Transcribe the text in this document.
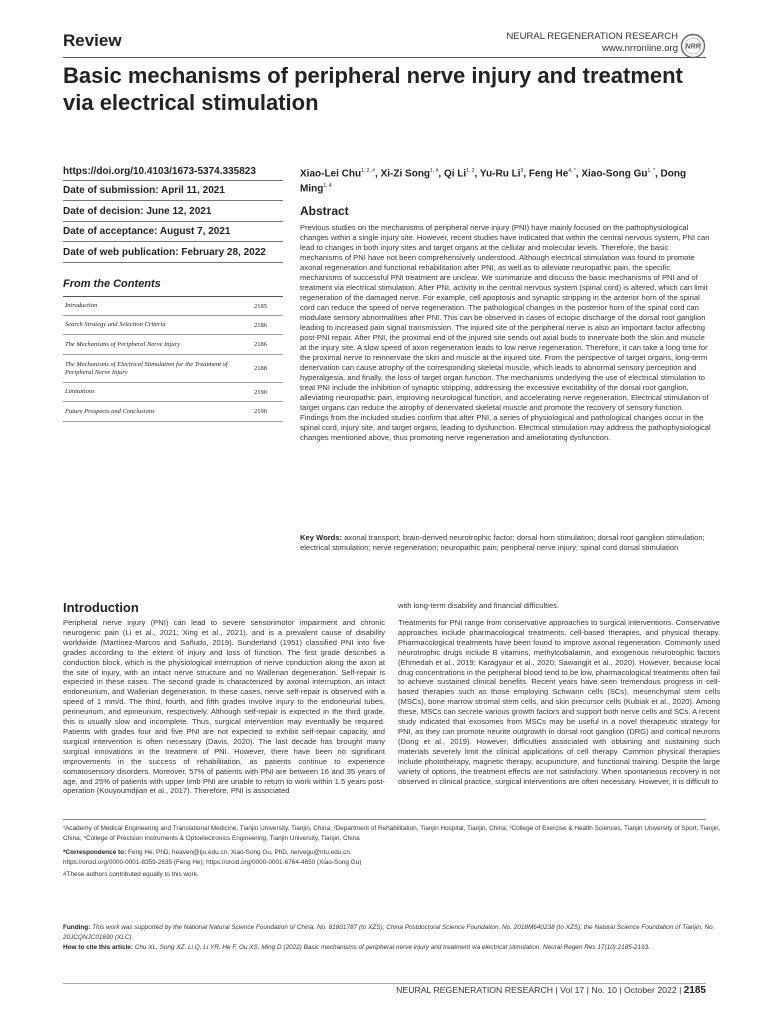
Review	NEURAL REGENERATION RESEARCH
www.nrronline.org NRR
Basic mechanisms of peripheral nerve injury and treatment via electrical stimulation
https://doi.org/10.4103/1673-5374.335823
Date of submission: April 11, 2021
Date of decision: June 12, 2021
Date of acceptance: August 7, 2021
Date of web publication: February 28, 2022
From the Contents
Introduction	2185
Search Strategy and Selection Criteria	2186
The Mechanisms of Peripheral Nerve Injury	2186
The Mechanisms of Electrical Stimulation for the Treatment of Peripheral Nerve Injury	2188
Limitations	2190
Future Prospects and Conclusions	2190
Xiao-Lei Chu$^{1, 2, \#}$, Xi-Zi Song$^{1, \#}$, Qi Li$^{1, 2}$, Yu-Ru Li$^3$, Feng $He^{4, *}$, Xiao-Song $Gu^{1, *}$, Dong Ming$^{1, 4}$
Abstract

Previous studies on the mechanisms of peripheral nerve injury (PNI) have mainly focused on the pathophysiological changes within a single injury site. However, recent studies have indicated that within the central nervous system, PNI can lead to changes in both injury sites and target organs at the cellular and molecular levels. Therefore, the basic mechanisms of PNI have not been comprehensively understood. Although electrical stimulation was found to promote axonal regeneration and functional rehabilitation after PNI, as well as to alleviate neuropathic pain, the specific mechanisms of successful PNI treatment are unclear. We summarize and discuss the basic mechanisms of PNI and of treatment via electrical stimulation. After PNI, activity in the central nervous system (spinal cord) is altered, which can limit regeneration of the damaged nerve. For example, cell apoptosis and synaptic stripping in the anterior horn of the spinal cord can reduce the speed of nerve regeneration. The pathological changes in the posterior horn of the spinal cord can modulate sensory abnormalities after PNI. This can be observed in cases of ectopic discharge of the dorsal root ganglion leading to increased pain signal transmission. The injured site of the peripheral nerve is also an important factor affecting post-PNI repair. After PNI, the proximal end of the injured site sends out axial buds to innervate both the skin and muscle at the injury site. A slow speed of axon regeneration leads to low nerve regeneration. Therefore, it can take a long time for the proximal nerve to reinnervate the skin and muscle at the injured site. From the perspective of target organs, long-term denervation can cause atrophy of the corresponding skeletal muscle, which leads to abnormal sensory perception and hyperalgesia, and finally, the loss of target organ function. The mechanisms underlying the use of electrical stimulation to treat PNI include the inhibition of synaptic stripping, addressing the excessive excitability of the dorsal root ganglion, alleviating neuropathic pain, improving neurological function, and accelerating nerve regeneration. Electrical stimulation of target organs can reduce the atrophy of denervated skeletal muscle and promote the recovery of sensory function. Findings from the included studies confirm that after PNI, a series of physiological and pathological changes occur in the spinal cord, injury site, and target organs, leading to dysfunction. Electrical stimulation may address the pathophysiological changes mentioned above, thus promoting nerve regeneration and ameliorating dysfunction.

Key Words: axonal transport; brain-derived neurotrophic factor; dorsal horn stimulation; dorsal root ganglion stimulation; electrical stimulation; nerve regeneration; neuropathic pain; peripheral nerve injury; spinal cord dorsal stimulation

Introduction

Peripheral nerve injury (PNI) can lead to severe sensorimotor impairment and chronic neurogenic pain (Li et al., 2021; Xing et al., 2021), and is a prevalent cause of disability worldwide (Martínez-Marcos and Sañudo, 2019). Sunderland (1951) classified PNI into five grades according to the extent of injury and loss of function. The first grade describes a conduction block, which is the physiological interruption of nerve conduction along the axon at the site of injury, with an intact nerve structure and no Wallerian degeneration. Self-repair is expected in these cases. The second grade is characterized by axonal interruption, an intact endoneurium, and Wallerian degeneration. In these cases, nerve self-repair is observed with a speed of 1 mm/d. The third, fourth, and fifth grades involve injury to the endoneurial tubes, perineurium, and epineurium, respectively. Although self-repair is expected in the third grade, this is usually slow and incomplete. Thus, surgical intervention may eventually be required. Patients with grades four and five PNI are not expected to exhibit self-repair capacity, and surgical intervention is often necessary (Davis, 2020). The last decade has brought many surgical innovations in the treatment of PNI. However, there have been no significant improvements in the success of rehabilitation, as patients continue to experience somatosensory disorders. Moreover, 57% of patients with PNI are between 16 and 35 years of age, and 25% of patients with upper limb PNI are unable to return to work within 1.5 years post-operation (Kouyoumdjian et al., 2017). Therefore, PNI is associated

with long-term disability and financial difficulties.

Treatments for PNI range from conservative approaches to surgical interventions. Conservative approaches include pharmacological treatments, cell-based therapies, and physical therapy. Pharmacological treatments have been found to improve axonal regeneration. Commonly used neurotrophic drugs include B vitamins, methylcobalamin, and exogenous neurotrophic factors (Ehmedah et al., 2019; Karagyaur et al., 2020; Sawangjit et al., 2020). However, because local drug concentrations in the peripheral blood tend to be low, pharmacological treatments often fail to achieve sustained clinical benefits. Recent years have seen tremendous progress in cell-based therapies such as those employing Schwann cells (SCs), mesenchymal stem cells (MSCs), bone marrow stromal stem cells, and skin precursor cells (Kubiak et al., 2020). Among these, MSCs can secrete various growth factors and support both nerve cells and SCs. A recent study indicated that exosomes from MSCs may be useful in a novel therapeutic strategy for PNI, as they can promote neurite outgrowth in dorsal root ganglion (DRG) and cortical neurons (Dong et al., 2019). However, difficulties associated with obtaining and sustaining such materials severely limit the clinical applications of cell therapy. Common physical therapies include phototherapy, magnetic therapy, acupuncture, and functional training. Despite the large variety of options, the treatment effects are not satisfactory. When spontaneous recovery is not observed in clinical practice, surgical interventions are often necessary. However, it is difficult to

¹Academy of Medical Engineering and Translational Medicine, Tianjin University, Tianjin, China; ²Department of Rehabilitation, Tianjin Hospital, Tianjin, China; ³College of Exercise & Health Sciences, Tianjin University of Sport, Tianjin, China; ⁴College of Precision Instruments & Optoelectronics Engineering, Tianjin University, Tianjin, China

*Correspondence to: Feng He, PhD, heaven@tju.edu.cn; Xiao-Song Gu, PhD, nervegu@ntu.edu.cn.

https://orcid.org/0000-0001-8359-2635 (Feng He); https://orcid.org/0000-0001-6764-4650 (Xiao-Song Gu)

#These authors contributed equally to this work.

Funding: This work was supported by the National Natural Science Foundation of China, No. 81801787 (to XZS); China Postdoctoral Science Foundation, No. 2018M640238 (to XZS); the Natural Science Foundation of Tianjin, No. 20JCQNJC01690 (XLC).

How to cite this article: Chu XL, Song XZ, Li Q, Li YR, He F, Gu XS, Ming D (2022) Basic mechanisms of peripheral nerve injury and treatment via electrical stimulation. Neural Regen Res 17(10):2185-2193.

NEURAL REGENERATION RESEARCH | Vol 17 | No. 10 | October 2022 | 2185
